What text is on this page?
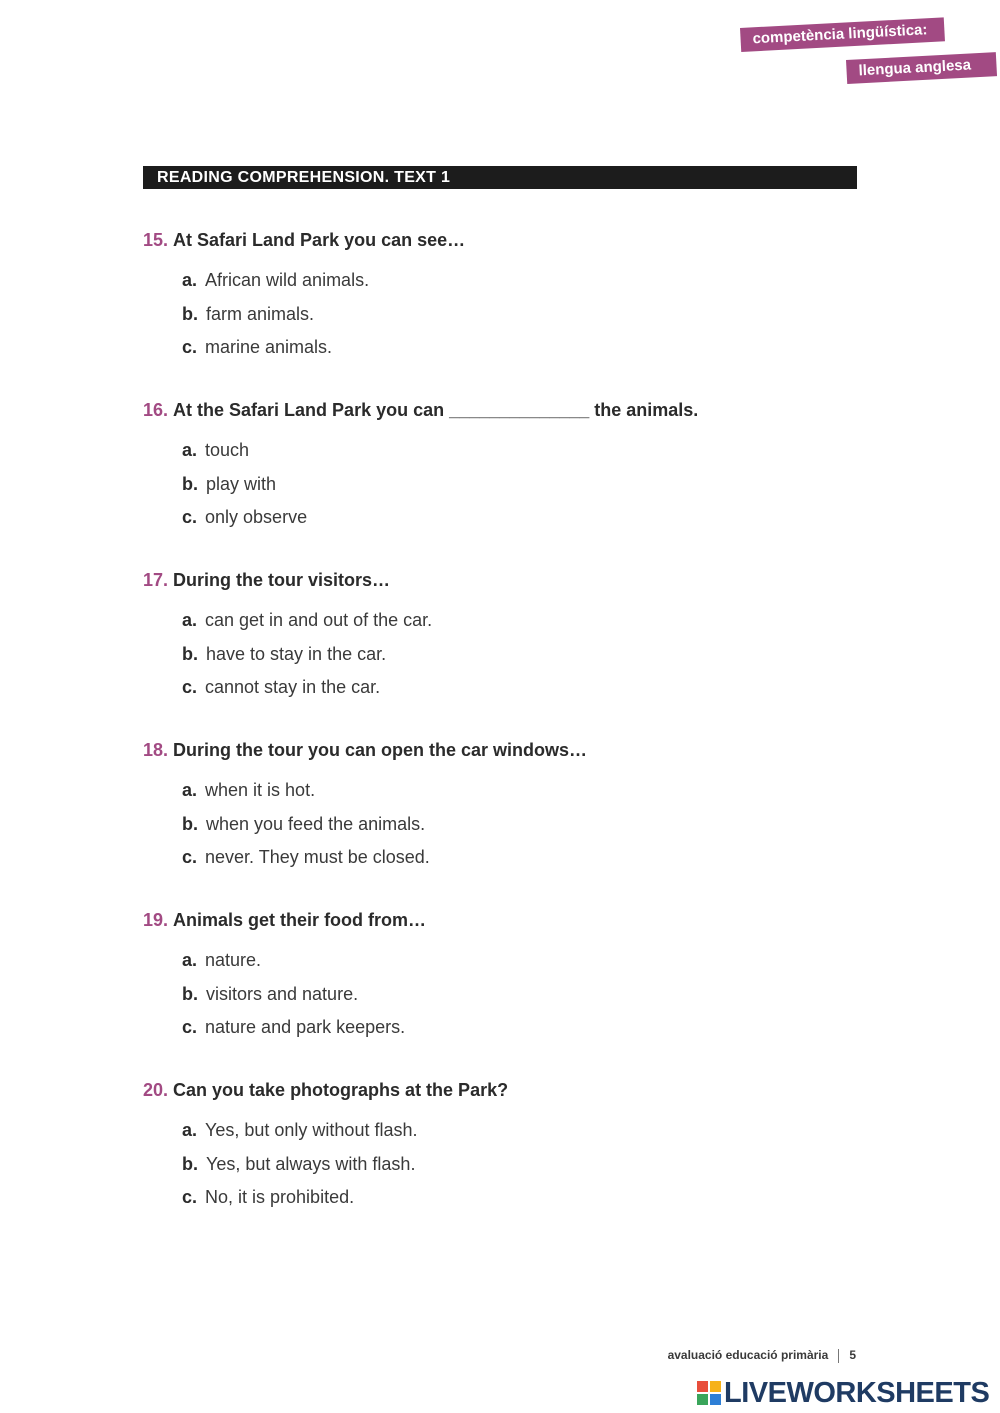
competència lingüística:
llengua anglesa
READING COMPREHENSION. TEXT 1
15. At Safari Land Park you can see…
a. African wild animals.
b. farm animals.
c. marine animals.
16. At the Safari Land Park you can ______________ the animals.
a. touch
b. play with
c. only observe
17. During the tour visitors…
a. can get in and out of the car.
b. have to stay in the car.
c. cannot stay in the car.
18. During the tour you can open the car windows…
a. when it is hot.
b. when you feed the animals.
c. never. They must be closed.
19. Animals get their food from…
a. nature.
b. visitors and nature.
c. nature and park keepers.
20. Can you take photographs at the Park?
a. Yes, but only without flash.
b. Yes, but always with flash.
c. No, it is prohibited.
avaluació educació primària 5
LIVEWORKSHEETS
